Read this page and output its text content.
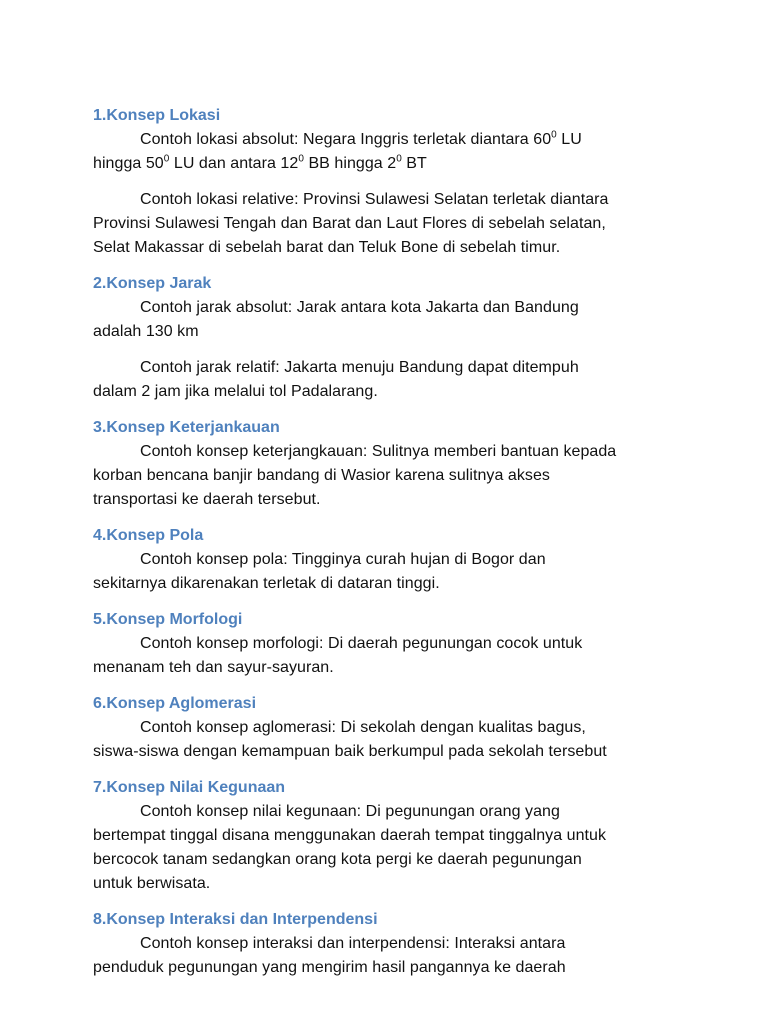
1.Konsep Lokasi

Contoh lokasi absolut: Negara Inggris terletak diantara $60^0$ LU
hingga $50^0$ LU dan antara $12^0$ BB hingga $2^0$ BT

Contoh lokasi relative: Provinsi Sulawesi Selatan terletak diantara
Provinsi Sulawesi Tengah dan Barat dan Laut Flores di sebelah selatan,
Selat Makassar di sebelah barat dan Teluk Bone di sebelah timur.

2.Konsep Jarak

Contoh jarak absolut: Jarak antara kota Jakarta dan Bandung
adalah 130 km

Contoh jarak relatif: Jakarta menuju Bandung dapat ditempuh
dalam 2 jam jika melalui tol Padalarang.

3.Konsep Keterjankauan

Contoh konsep keterjangkauan: Sulitnya memberi bantuan kepada
korban bencana banjir bandang di Wasior karena sulitnya akses
transportasi ke daerah tersebut.

4.Konsep Pola

Contoh konsep pola: Tingginya curah hujan di Bogor dan
sekitarnya dikarenakan terletak di dataran tinggi.

5.Konsep Morfologi

Contoh konsep morfologi: Di daerah pegunungan cocok untuk
menanam teh dan sayur-sayuran.

6.Konsep Aglomerasi

Contoh konsep aglomerasi: Di sekolah dengan kualitas bagus,
siswa-siswa dengan kemampuan baik berkumpul pada sekolah tersebut

7.Konsep Nilai Kegunaan

Contoh konsep nilai kegunaan: Di pegunungan orang yang
bertempat tinggal disana menggunakan daerah tempat tinggalnya untuk
bercocok tanam sedangkan orang kota pergi ke daerah pegunungan
untuk berwisata.

8.Konsep Interaksi dan Interpendensi

Contoh konsep interaksi dan interpendensi: Interaksi antara
penduduk pegunungan yang mengirim hasil pangannya ke daerah
